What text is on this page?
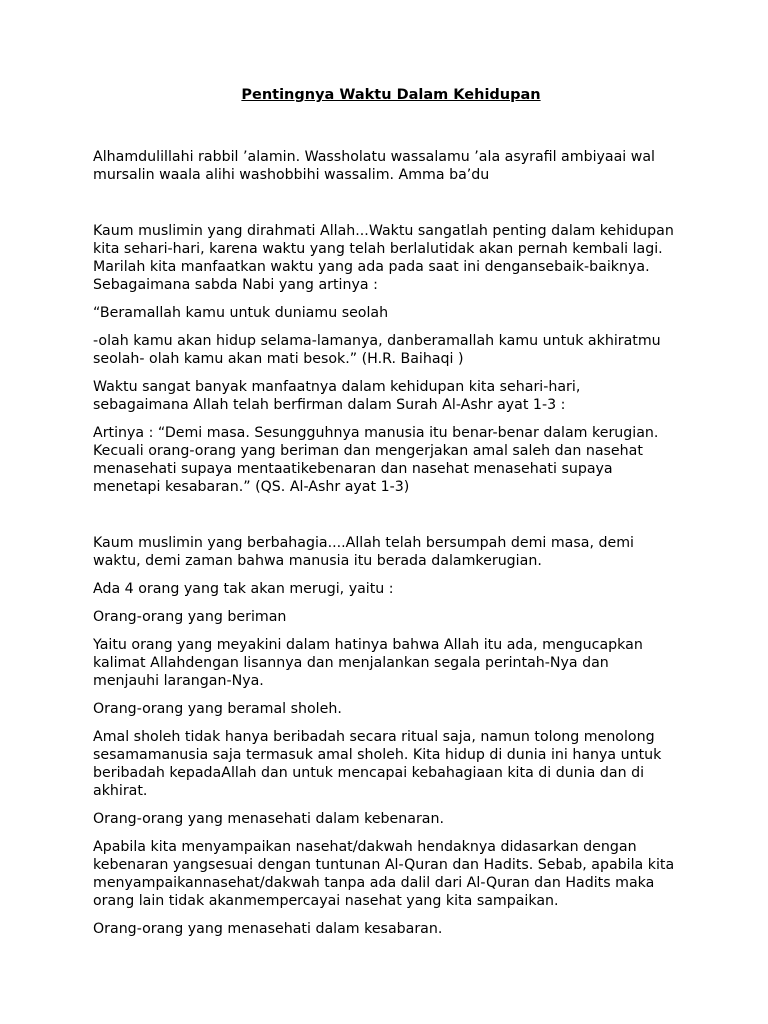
Pentingnya Waktu Dalam Kehidupan

Alhamdulillahi rabbil ’alamin. Wassholatu wassalamu ’ala asyrafil ambiyaai wal
mursalin waala alihi washobbihi wassalim. Amma ba’du

Kaum muslimin yang dirahmati Allah...Waktu sangatlah penting dalam kehidupan
kita sehari-hari, karena waktu yang telah berlalutidak akan pernah kembali lagi.
Marilah kita manfaatkan waktu yang ada pada saat ini dengansebaik-baiknya.
Sebagaimana sabda Nabi yang artinya :

“Beramallah kamu untuk duniamu seolah

-olah kamu akan hidup selama-lamanya, danberamallah kamu untuk akhiratmu
seolah- olah kamu akan mati besok.” (H.R. Baihaqi )

Waktu sangat banyak manfaatnya dalam kehidupan kita sehari-hari,
sebagaimana Allah telah berfirman dalam Surah Al-Ashr ayat 1-3 :

Artinya : “Demi masa. Sesungguhnya manusia itu benar-benar dalam kerugian.
Kecuali orang-orang yang beriman dan mengerjakan amal saleh dan nasehat
menasehati supaya mentaatikebenaran dan nasehat menasehati supaya
menetapi kesabaran.” (QS. Al-Ashr ayat 1-3)

Kaum muslimin yang berbahagia....Allah telah bersumpah demi masa, demi
waktu, demi zaman bahwa manusia itu berada dalamkerugian.

Ada 4 orang yang tak akan merugi, yaitu :

Orang-orang yang beriman

Yaitu orang yang meyakini dalam hatinya bahwa Allah itu ada, mengucapkan
kalimat Allahdengan lisannya dan menjalankan segala perintah-Nya dan
menjauhi larangan-Nya.

Orang-orang yang beramal sholeh.

Amal sholeh tidak hanya beribadah secara ritual saja, namun tolong menolong
sesamamanusia saja termasuk amal sholeh. Kita hidup di dunia ini hanya untuk
beribadah kepadaAllah dan untuk mencapai kebahagiaan kita di dunia dan di
akhirat.

Orang-orang yang menasehati dalam kebenaran.

Apabila kita menyampaikan nasehat/dakwah hendaknya didasarkan dengan
kebenaran yangsesuai dengan tuntunan Al-Quran dan Hadits. Sebab, apabila kita
menyampaikannasehat/dakwah tanpa ada dalil dari Al-Quran dan Hadits maka
orang lain tidak akanmempercayai nasehat yang kita sampaikan.

Orang-orang yang menasehati dalam kesabaran.
